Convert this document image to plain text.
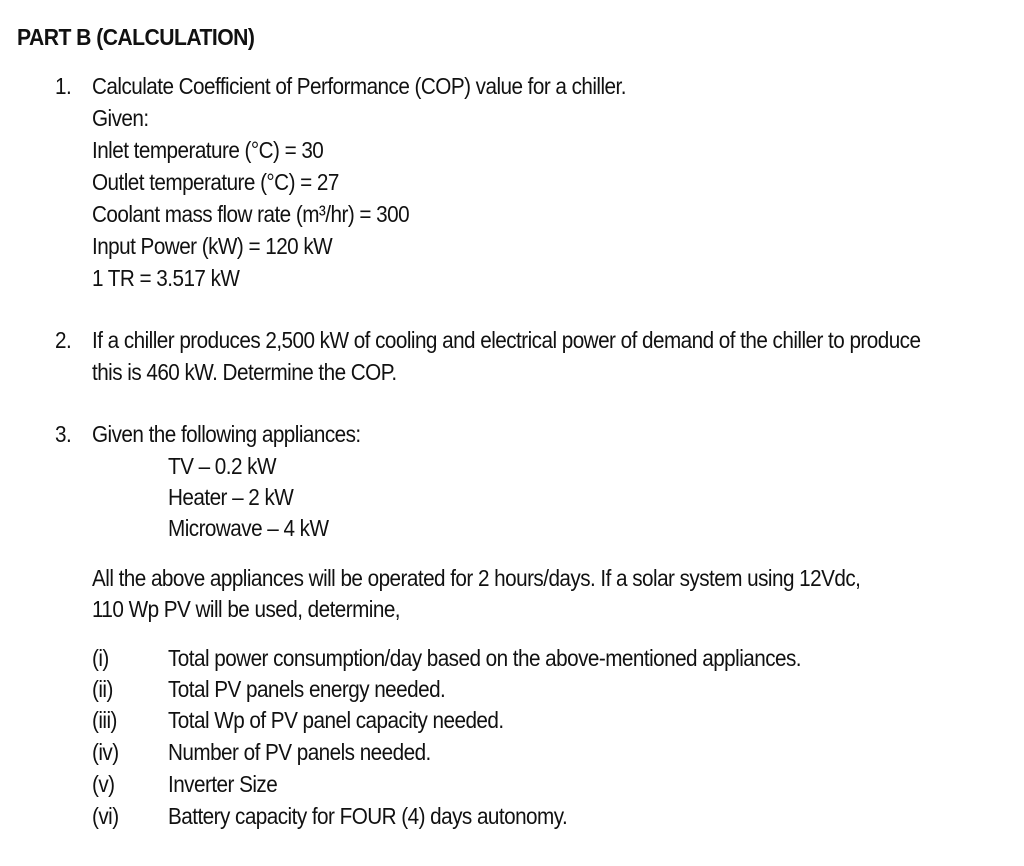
PART B (CALCULATION)
1. Calculate Coefficient of Performance (COP) value for a chiller.
Given:
Inlet temperature (°C) = 30
Outlet temperature (°C) = 27
Coolant mass flow rate (m³/hr) = 300
Input Power (kW) = 120 kW
1 TR = 3.517 kW
2. If a chiller produces 2,500 kW of cooling and electrical power of demand of the chiller to produce
this is 460 kW. Determine the COP.
3. Given the following appliances:
TV – 0.2 kW
Heater – 2 kW
Microwave – 4 kW
All the above appliances will be operated for 2 hours/days. If a solar system using 12Vdc,
110 Wp PV will be used, determine,
(i)	Total power consumption/day based on the above-mentioned appliances.
(ii) Total PV panels energy needed.
(iii) Total Wp of PV panel capacity needed.
(iv) Number of PV panels needed.
(v) Inverter Size
(vi) Battery capacity for FOUR (4) days autonomy.
